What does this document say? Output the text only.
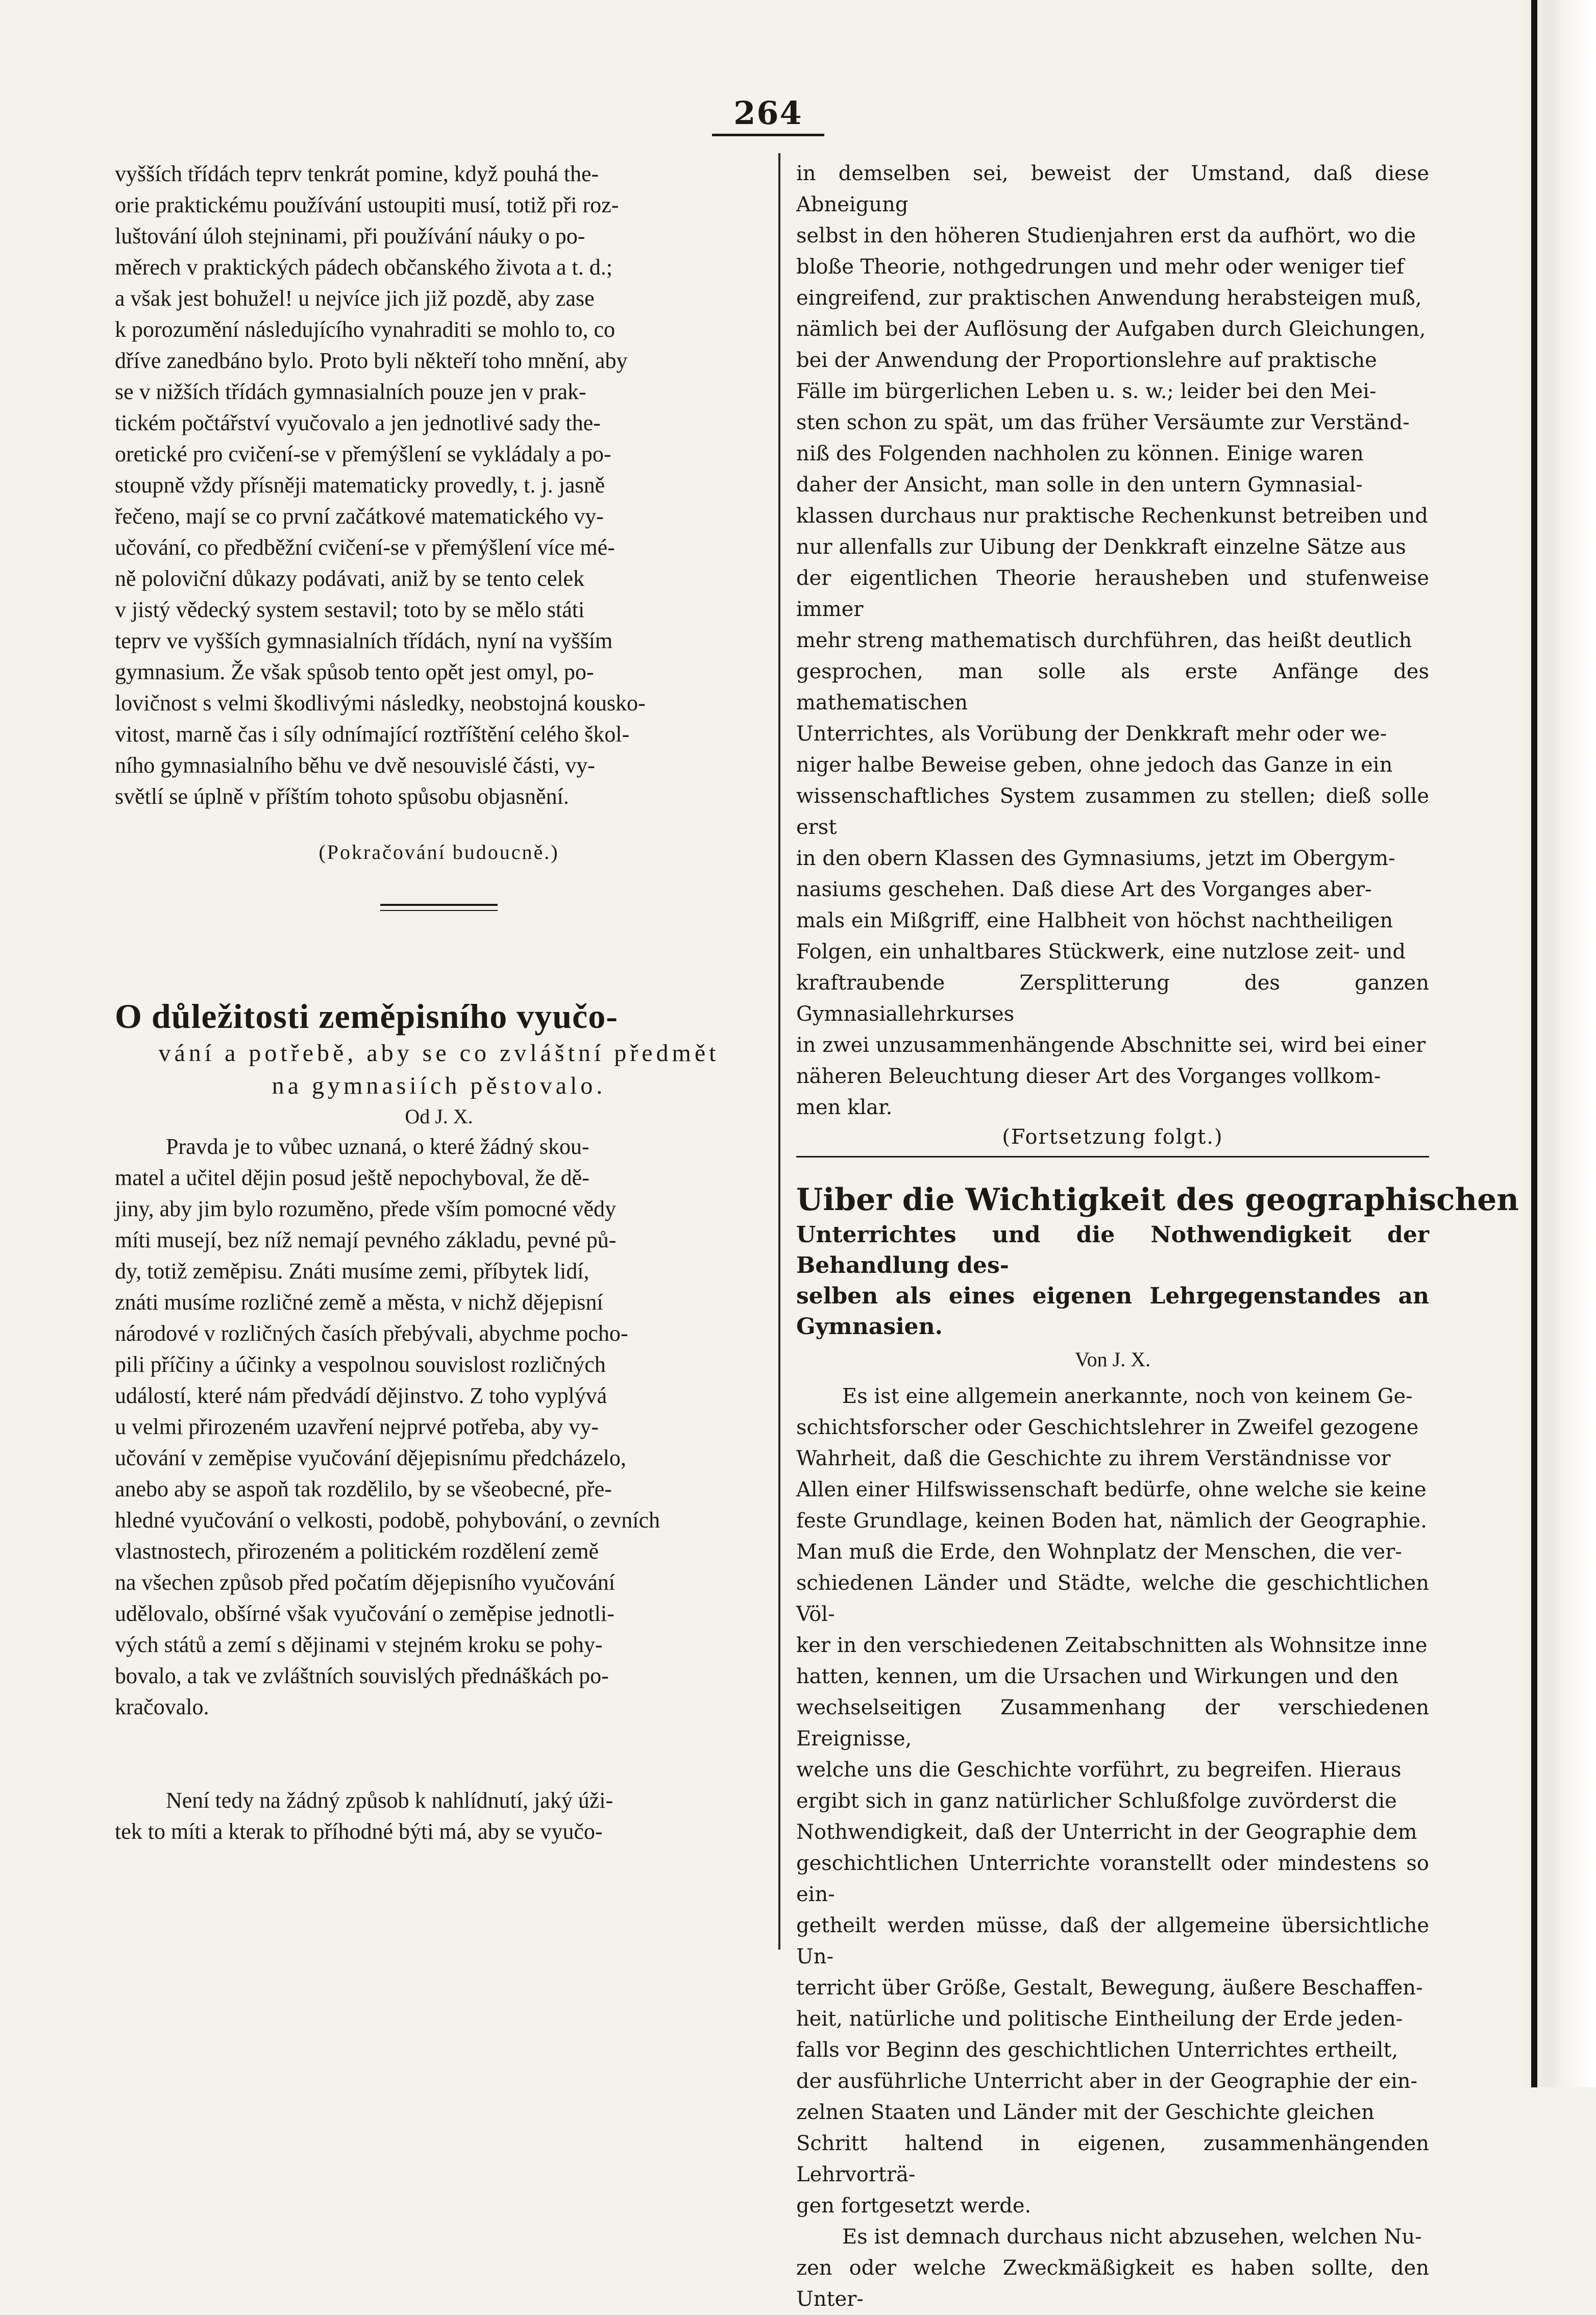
264

vyšších třídách teprv tenkrát pomine, když pouhá the-
orie praktickému používání ustoupiti musí, totiž při roz-
luštování úloh stejninami, při používání náuky o po-
měrech v praktických pádech občanského života a t. d.;
a však jest bohužel! u nejvíce jich již pozdě, aby zase
k porozumění následujícího vynahraditi se mohlo to, co
dříve zanedbáno bylo. Proto byli někteří toho mnění, aby
se v nižších třídách gymnasialních pouze jen v prak-
tickém počtářství vyučovalo a jen jednotlivé sady the-
oretické pro cvičení-se v přemýšlení se vykládaly a po-
stoupně vždy přísněji matematicky provedly, t. j. jasně
řečeno, mají se co první začátkové matematického vy-
učování, co předběžní cvičení-se v přemýšlení více mé-
ně poloviční důkazy podávati, aniž by se tento celek
v jistý vědecký system sestavil; toto by se mělo státi
teprv ve vyšších gymnasialních třídách, nyní na vyšším
gymnasium. Že však spůsob tento opět jest omyl, po-
lovičnost s velmi škodlivými následky, neobstojná kousko-
vitost, marně čas i síly odnímající roztříštění celého škol-
ního gymnasialního běhu ve dvě nesouvislé části, vy-
světlí se úplně v příštím tohoto spůsobu objasnění.

(Pokračování budoucně.)

O důležitosti zeměpisního vyučo-

vání a potřebě, aby se co zvláštní předmět
na gymnasiích pěstovalo.

Od J. X.

Pravda je to vůbec uznaná, o které žádný skou-
matel a učitel dějin posud ještě nepochyboval, že dě-
jiny, aby jim bylo rozuměno, přede vším pomocné vědy
míti musejí, bez níž nemají pevného základu, pevné pů-
dy, totiž zeměpisu. Znáti musíme zemi, příbytek lidí,
znáti musíme rozličné země a města, v nichž dějepisní
národové v rozličných časích přebývali, abychme pocho-
pili příčiny a účinky a vespolnou souvislost rozličných
událostí, které nám předvádí dějinstvo. Z toho vyplývá
u velmi přirozeném uzavření nejprvé potřeba, aby vy-
učování v zeměpise vyučování dějepisnímu předcházelo,
anebo aby se aspoň tak rozdělilo, by se všeobecné, pře-
hledné vyučování o velkosti, podobě, pohybování, o zevních
vlastnostech, přirozeném a politickém rozdělení země
na všechen způsob před počatím dějepisního vyučování
udělovalo, obšírné však vyučování o zeměpise jednotli-
vých států a zemí s dějinami v stejném kroku se pohy-
bovalo, a tak ve zvláštních souvislých přednáškách po-
kračovalo.

Není tedy na žádný způsob k nahlídnutí, jaký úži-
tek to míti a kterak to příhodné býti má, aby se vyučo-

in demselben sei, beweist der Umstand, daß diese Abneigung
selbst in den höheren Studienjahren erst da aufhört, wo die
bloße Theorie, nothgedrungen und mehr oder weniger tief
eingreifend, zur praktischen Anwendung herabsteigen muß,
nämlich bei der Auflösung der Aufgaben durch Gleichungen,
bei der Anwendung der Proportionslehre auf praktische
Fälle im bürgerlichen Leben u. s. w.; leider bei den Mei-
sten schon zu spät, um das früher Versäumte zur Verständ-
niß des Folgenden nachholen zu können. Einige waren
daher der Ansicht, man solle in den untern Gymnasial-
klassen durchaus nur praktische Rechenkunst betreiben und
nur allenfalls zur Uibung der Denkkraft einzelne Sätze aus
der eigentlichen Theorie herausheben und stufenweise immer
mehr streng mathematisch durchführen, das heißt deutlich
gesprochen, man solle als erste Anfänge des mathematischen
Unterrichtes, als Vorübung der Denkkraft mehr oder we-
niger halbe Beweise geben, ohne jedoch das Ganze in ein
wissenschaftliches System zusammen zu stellen; dieß solle erst
in den obern Klassen des Gymnasiums, jetzt im Obergym-
nasiums geschehen. Daß diese Art des Vorganges aber-
mals ein Mißgriff, eine Halbheit von höchst nachtheiligen
Folgen, ein unhaltbares Stückwerk, eine nutzlose zeit- und
kraftraubende Zersplitterung des ganzen Gymnasiallehrkurses
in zwei unzusammenhängende Abschnitte sei, wird bei einer
näheren Beleuchtung dieser Art des Vorganges vollkom-
men klar.

(Fortsetzung folgt.)

Uiber die Wichtigkeit des geographischen

Unterrichtes und die Nothwendigkeit der Behandlung des-
selben als eines eigenen Lehrgegenstandes an Gymnasien.

Von J. X.

Es ist eine allgemein anerkannte, noch von keinem Ge-
schichtsforscher oder Geschichtslehrer in Zweifel gezogene
Wahrheit, daß die Geschichte zu ihrem Verständnisse vor
Allen einer Hilfswissenschaft bedürfe, ohne welche sie keine
feste Grundlage, keinen Boden hat, nämlich der Geographie.
Man muß die Erde, den Wohnplatz der Menschen, die ver-
schiedenen Länder und Städte, welche die geschichtlichen Völ-
ker in den verschiedenen Zeitabschnitten als Wohnsitze inne
hatten, kennen, um die Ursachen und Wirkungen und den
wechselseitigen Zusammenhang der verschiedenen Ereignisse,
welche uns die Geschichte vorführt, zu begreifen. Hieraus
ergibt sich in ganz natürlicher Schlußfolge zuvörderst die
Nothwendigkeit, daß der Unterricht in der Geographie dem
geschichtlichen Unterrichte voranstellt oder mindestens so ein-
getheilt werden müsse, daß der allgemeine übersichtliche Un-
terricht über Größe, Gestalt, Bewegung, äußere Beschaffen-
heit, natürliche und politische Eintheilung der Erde jeden-
falls vor Beginn des geschichtlichen Unterrichtes ertheilt,
der ausführliche Unterricht aber in der Geographie der ein-
zelnen Staaten und Länder mit der Geschichte gleichen
Schritt haltend in eigenen, zusammenhängenden Lehrvorträ-
gen fortgesetzt werde.

Es ist demnach durchaus nicht abzusehen, welchen Nu-
zen oder welche Zweckmäßigkeit es haben sollte, den Unter-
